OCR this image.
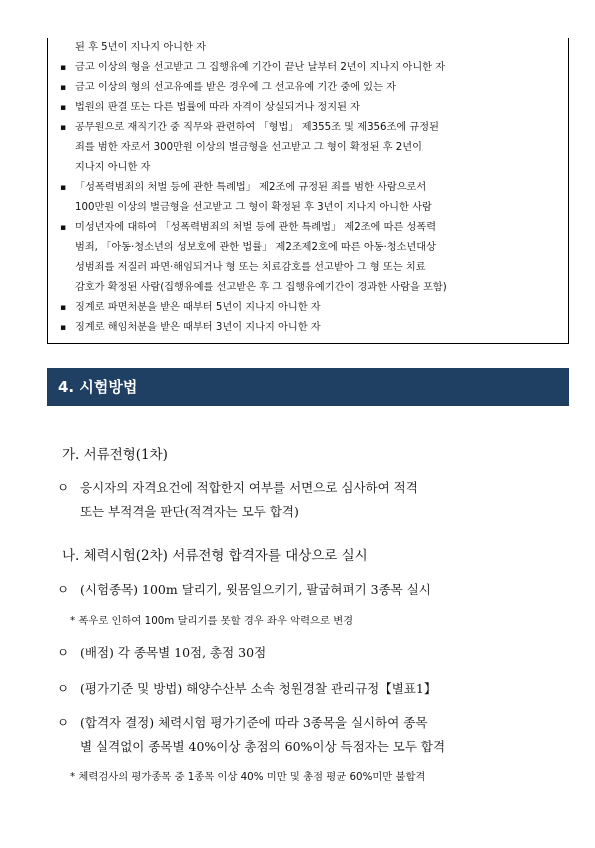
된 후 5년이 지나지 아니한 자
▪ 금고 이상의 형을 선고받고 그 집행유예 기간이 끝난 날부터 2년이 지나지 아니한 자
▪ 금고 이상의 형의 선고유예를 받은 경우에 그 선고유예 기간 중에 있는 자
▪ 법원의 판결 또는 다른 법률에 따라 자격이 상실되거나 정지된 자
▪ 공무원으로 재직기간 중 직무와 관련하여 「형법」 제355조 및 제356조에 규정된
죄를 범한 자로서 300만원 이상의 벌금형을 선고받고 그 형이 확정된 후 2년이
지나지 아니한 자
▪ 「성폭력범죄의 처벌 등에 관한 특례법」 제2조에 규정된 죄를 범한 사람으로서
100만원 이상의 벌금형을 선고받고 그 형이 확정된 후 3년이 지나지 아니한 사람
▪ 미성년자에 대하여 「성폭력범죄의 처벌 등에 관한 특례법」 제2조에 따른 성폭력
범죄, 「아동·청소년의 성보호에 관한 법률」 제2조제2호에 따른 아동·청소년대상
성범죄를 저질러 파면·해임되거나 형 또는 치료감호를 선고받아 그 형 또는 치료
감호가 확정된 사람(집행유예를 선고받은 후 그 집행유예기간이 경과한 사람을 포함)
▪ 징계로 파면처분을 받은 때부터 5년이 지나지 아니한 자
▪ 징계로 해임처분을 받은 때부터 3년이 지나지 아니한 자
4. 시험방법
가. 서류전형(1차)
ㅇ 응시자의 자격요건에 적합한지 여부를 서면으로 심사하여 적격
또는 부적격을 판단(적격자는 모두 합격)
나. 체력시험(2차) 서류전형 합격자를 대상으로 실시
ㅇ (시험종목) 100m 달리기, 윗몸일으키기, 팔굽혀펴기 3종목 실시
* 폭우로 인하여 100m 달리기를 못할 경우 좌우 악력으로 변경
ㅇ (배점) 각 종목별 10점, 총점 30점
ㅇ (평가기준 및 방법) 해양수산부 소속 청원경찰 관리규정【별표1】
ㅇ (합격자 결정) 체력시험 평가기준에 따라 3종목을 실시하여 종목
별 실격없이 종목별 40%이상 총점의 60%이상 득점자는 모두 합격
* 체력검사의 평가종목 중 1종목 이상 40% 미만 및 총점 평균 60%미만 불합격
